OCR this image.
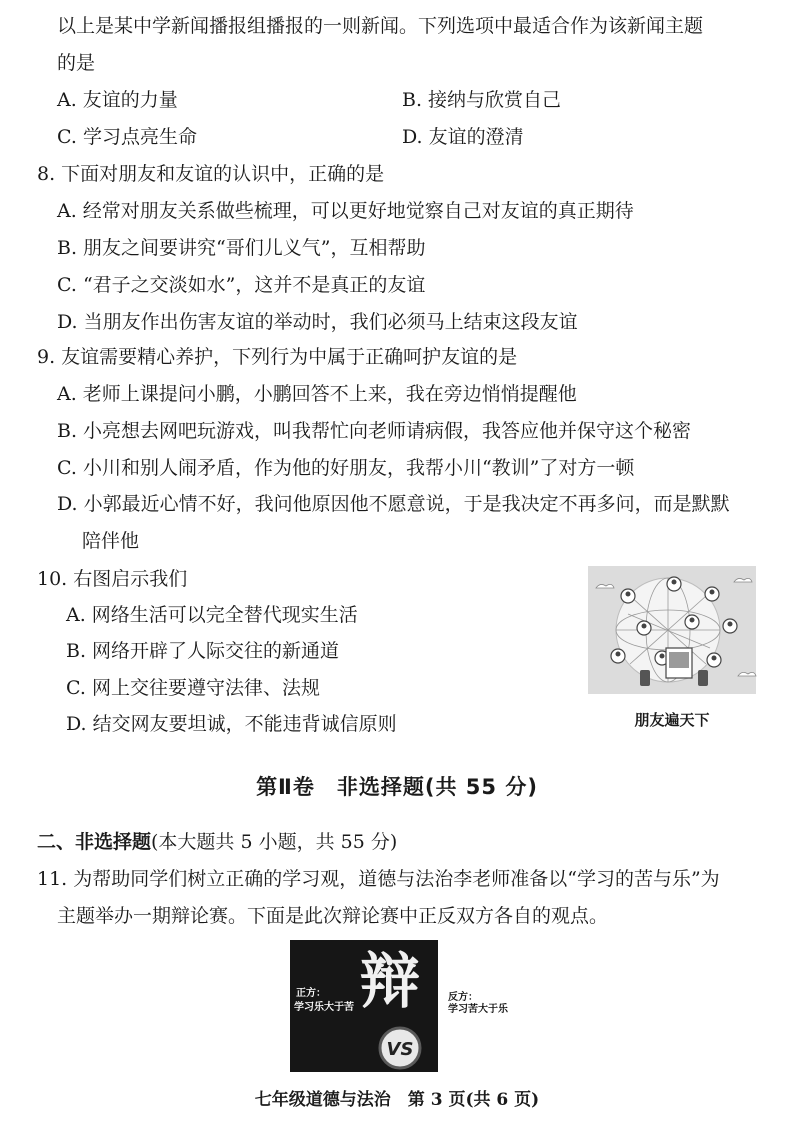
以上是某中学新闻播报组播报的一则新闻。下列选项中最适合作为该新闻主题
的是
A. 友谊的力量	B. 接纳与欣赏自己
C. 学习点亮生命	D. 友谊的澄清
8. 下面对朋友和友谊的认识中，正确的是
A. 经常对朋友关系做些梳理，可以更好地觉察自己对友谊的真正期待
B. 朋友之间要讲究“哥们儿义气”，互相帮助
C. “君子之交淡如水”，这并不是真正的友谊
D. 当朋友作出伤害友谊的举动时，我们必须马上结束这段友谊
9. 友谊需要精心养护，下列行为中属于正确呵护友谊的是
A. 老师上课提问小鹏，小鹏回答不上来，我在旁边悄悄提醒他
B. 小亮想去网吧玩游戏，叫我帮忙向老师请病假，我答应他并保守这个秘密
C. 小川和别人闹矛盾，作为他的好朋友，我帮小川“教训”了对方一顿
D. 小郭最近心情不好，我问他原因他不愿意说，于是我决定不再多问，而是默默
陪伴他
10. 右图启示我们
A. 网络生活可以完全替代现实生活
B. 网络开辟了人际交往的新通道
C. 网上交往要遵守法律、法规
D. 结交网友要坦诚，不能违背诚信原则	朋友遍天下
第Ⅱ卷　非选择题(共 55 分)
二、非选择题(本大题共 5 小题，共 55 分)
11. 为帮助同学们树立正确的学习观，道德与法治李老师准备以“学习的苦与乐”为
主题举办一期辩论赛。下面是此次辩论赛中正反双方各自的观点。
辩
正方：
学习乐大于苦
反方：
学习苦大于乐
VS
七年级道德与法治　第 3 页(共 6 页)
